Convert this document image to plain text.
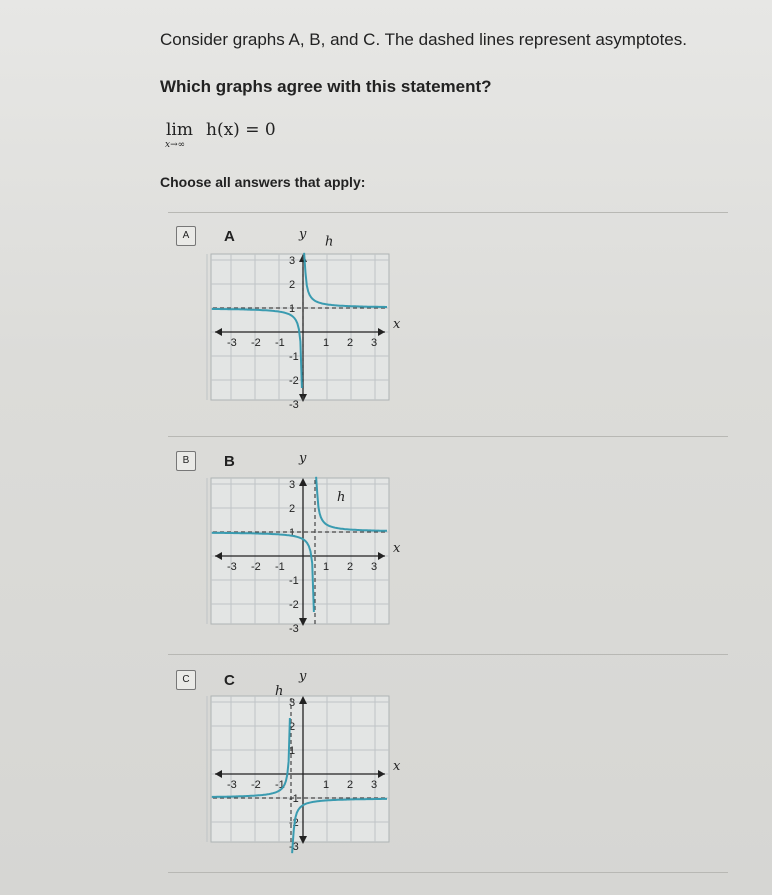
Consider graphs A, B, and C. The dashed lines represent asymptotes.
Which graphs agree with this statement?
lim
x→∞
h(x) = 0
Choose all answers that apply:
A	A	y
x
-3 -2 -1	1 2 3
3
2
1
-1
-2
-3
h
B	B	y
x
-3 -2 -1	1 2 3
3
2
1
-1
-2
-3
h
C	C	y
x
-3 -2 -1	1 2 3
3
2
1
-1
-2
-3
h
